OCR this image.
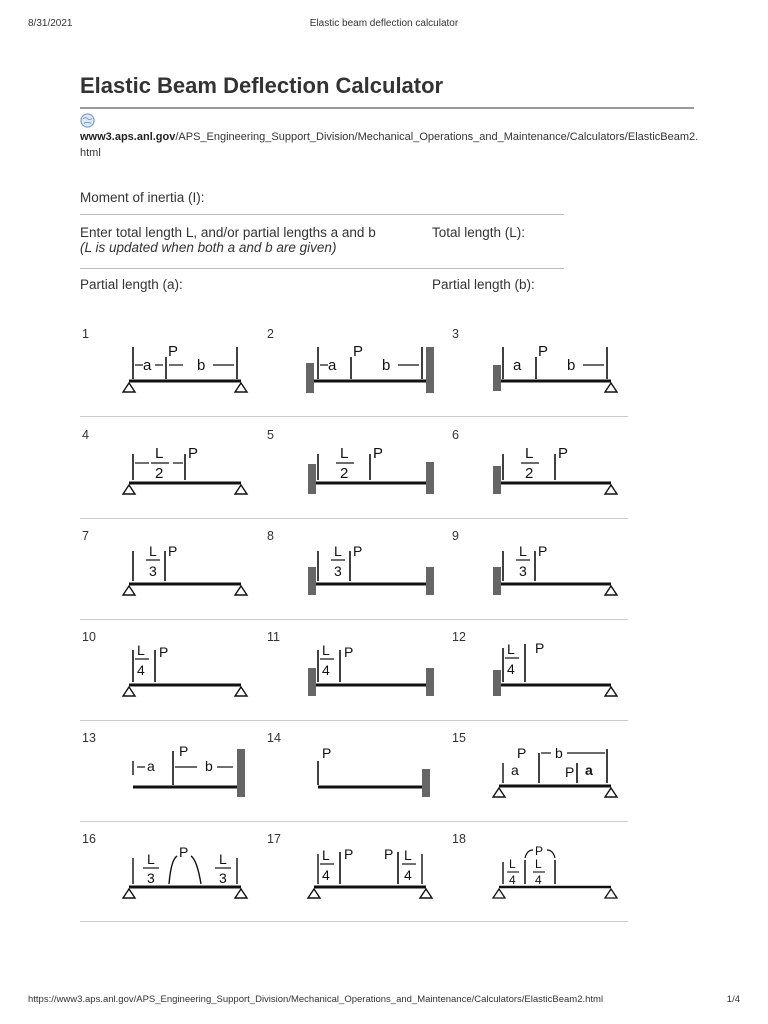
8/31/2021	Elastic beam deflection calculator
Elastic Beam Deflection Calculator
www3.aps.anl.gov/APS_Engineering_Support_Division/Mechanical_Operations_and_Maintenance/Calculators/ElasticBeam2.html
Moment of inertia (I):
Enter total length L, and/or partial lengths a and b
(L is updated when both a and b are given)
Total length (L):
Partial length (a):	Partial length (b):
1	2	3
4	5	6
7	8	9
10	11	12
13	14	15
16	17	18
a
P
b	a
P
b	a
P
b
L
2
P	L
2
P	L
2
P
L
3
P	L
3
P	L
3
P
L
4
P	L
4
P	L
4
P
a
P
b
P	P b
a	P a
L
3
P L
3
L
4
P P L
4
P
L
4
L
4
https://www3.aps.anl.gov/APS_Engineering_Support_Division/Mechanical_Operations_and_Maintenance/Calculators/ElasticBeam2.html	1/4
